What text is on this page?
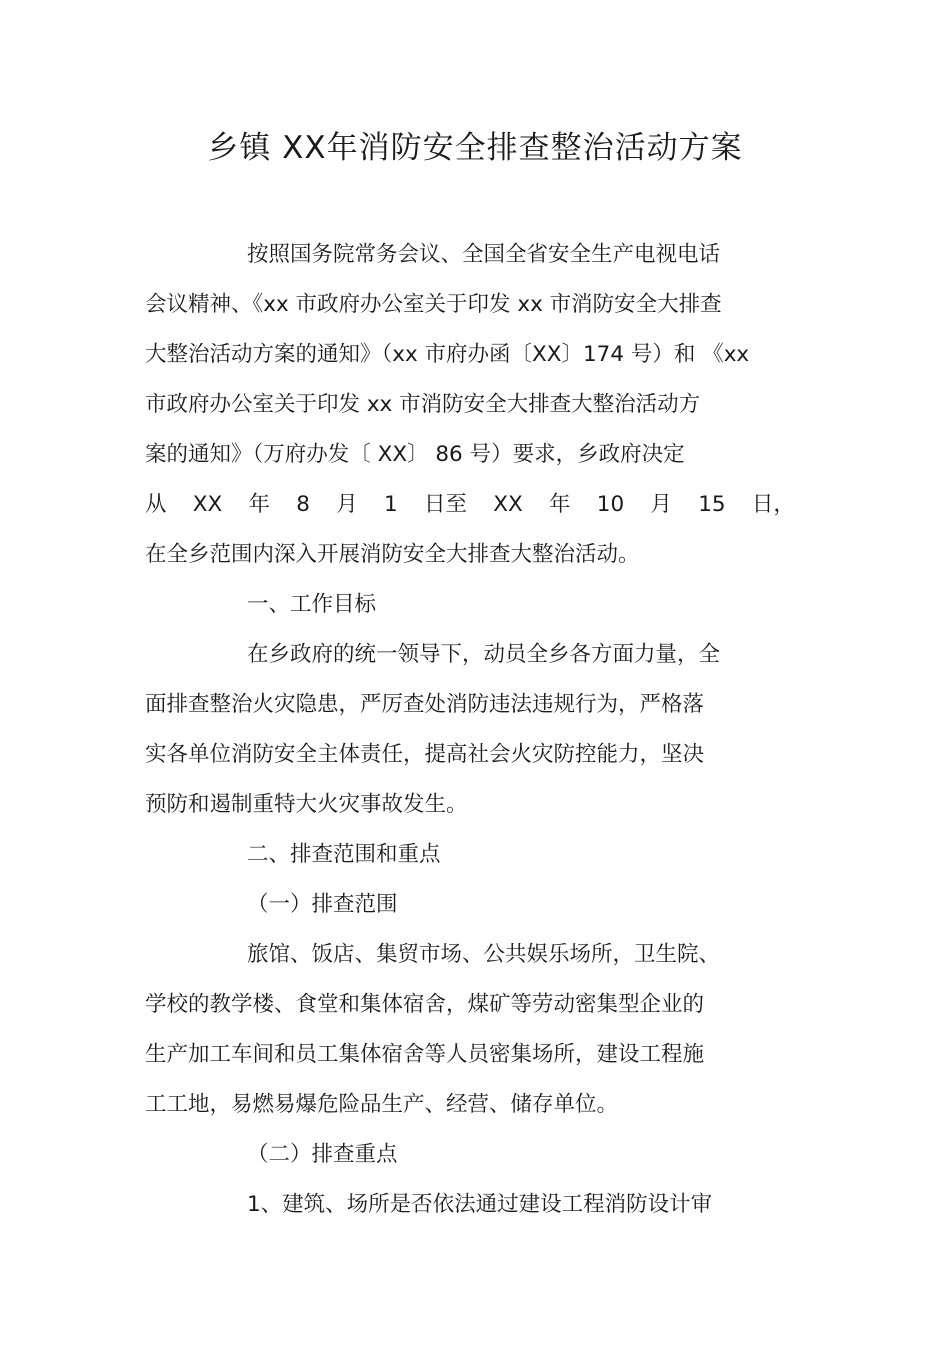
乡镇 XX年消防安全排查整治活动方案

按照国务院常务会议、全国全省安全生产电视电话

会议精神、《xx 市政府办公室关于印发 xx 市消防安全大排查

大整治活动方案的通知》（xx 市府办函〔XX〕174 号）和 《xx

市政府办公室关于印发 xx 市消防安全大排查大整治活动方

案的通知》（万府办发〔 XX〕 86 号）要求，乡政府决定

从 XX 年 8 月 1 日至 XX 年 10 月 15 日，

在全乡范围内深入开展消防安全大排查大整治活动。

一、工作目标

在乡政府的统一领导下，动员全乡各方面力量，全

面排查整治火灾隐患，严厉查处消防违法违规行为，严格落

实各单位消防安全主体责任，提高社会火灾防控能力，坚决

预防和遏制重特大火灾事故发生。

二、排查范围和重点

（一）排查范围

旅馆、饭店、集贸市场、公共娱乐场所，卫生院、

学校的教学楼、食堂和集体宿舍，煤矿等劳动密集型企业的

生产加工车间和员工集体宿舍等人员密集场所，建设工程施

工工地，易燃易爆危险品生产、经营、储存单位。

（二）排查重点

1、建筑、场所是否依法通过建设工程消防设计审
